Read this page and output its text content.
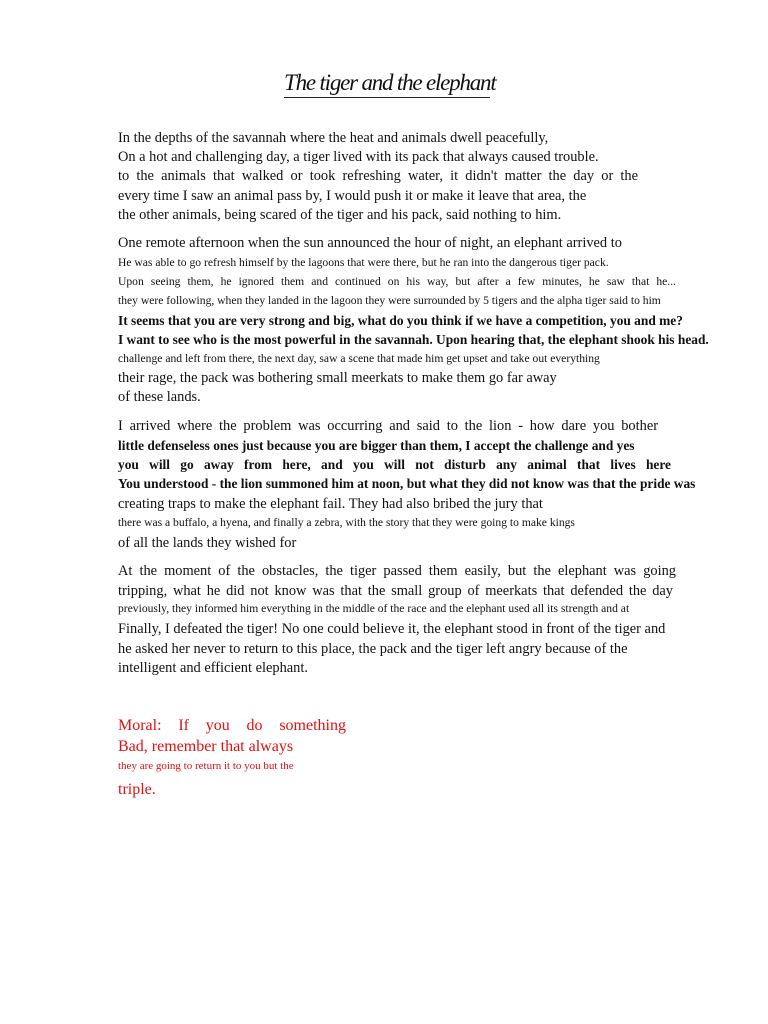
The tiger and the elephant
In the depths of the savannah where the heat and animals dwell peacefully,
On a hot and challenging day, a tiger lived with its pack that always caused trouble.
to the animals that walked or took refreshing water, it didn't matter the day or the
every time I saw an animal pass by, I would push it or make it leave that area, the
the other animals, being scared of the tiger and his pack, said nothing to him.
One remote afternoon when the sun announced the hour of night, an elephant arrived to
He was able to go refresh himself by the lagoons that were there, but he ran into the dangerous tiger pack.
Upon seeing them, he ignored them and continued on his way, but after a few minutes, he saw that he...
they were following, when they landed in the lagoon they were surrounded by 5 tigers and the alpha tiger said to him
It seems that you are very strong and big, what do you think if we have a competition, you and me?
I want to see who is the most powerful in the savannah. Upon hearing that, the elephant shook his head.
challenge and left from there, the next day, saw a scene that made him get upset and take out everything
their rage, the pack was bothering small meerkats to make them go far away
of these lands.
I arrived where the problem was occurring and said to the lion - how dare you bother
little defenseless ones just because you are bigger than them, I accept the challenge and yes
you will go away from here, and you will not disturb any animal that lives here
You understood - the lion summoned him at noon, but what they did not know was that the pride was
creating traps to make the elephant fail. They had also bribed the jury that
there was a buffalo, a hyena, and finally a zebra, with the story that they were going to make kings
of all the lands they wished for
At the moment of the obstacles, the tiger passed them easily, but the elephant was going
tripping, what he did not know was that the small group of meerkats that defended the day
previously, they informed him everything in the middle of the race and the elephant used all its strength and at
Finally, I defeated the tiger! No one could believe it, the elephant stood in front of the tiger and
he asked her never to return to this place, the pack and the tiger left angry because of the
intelligent and efficient elephant.
Moral: If you do something
Bad, remember that always
they are going to return it to you but the
triple.
